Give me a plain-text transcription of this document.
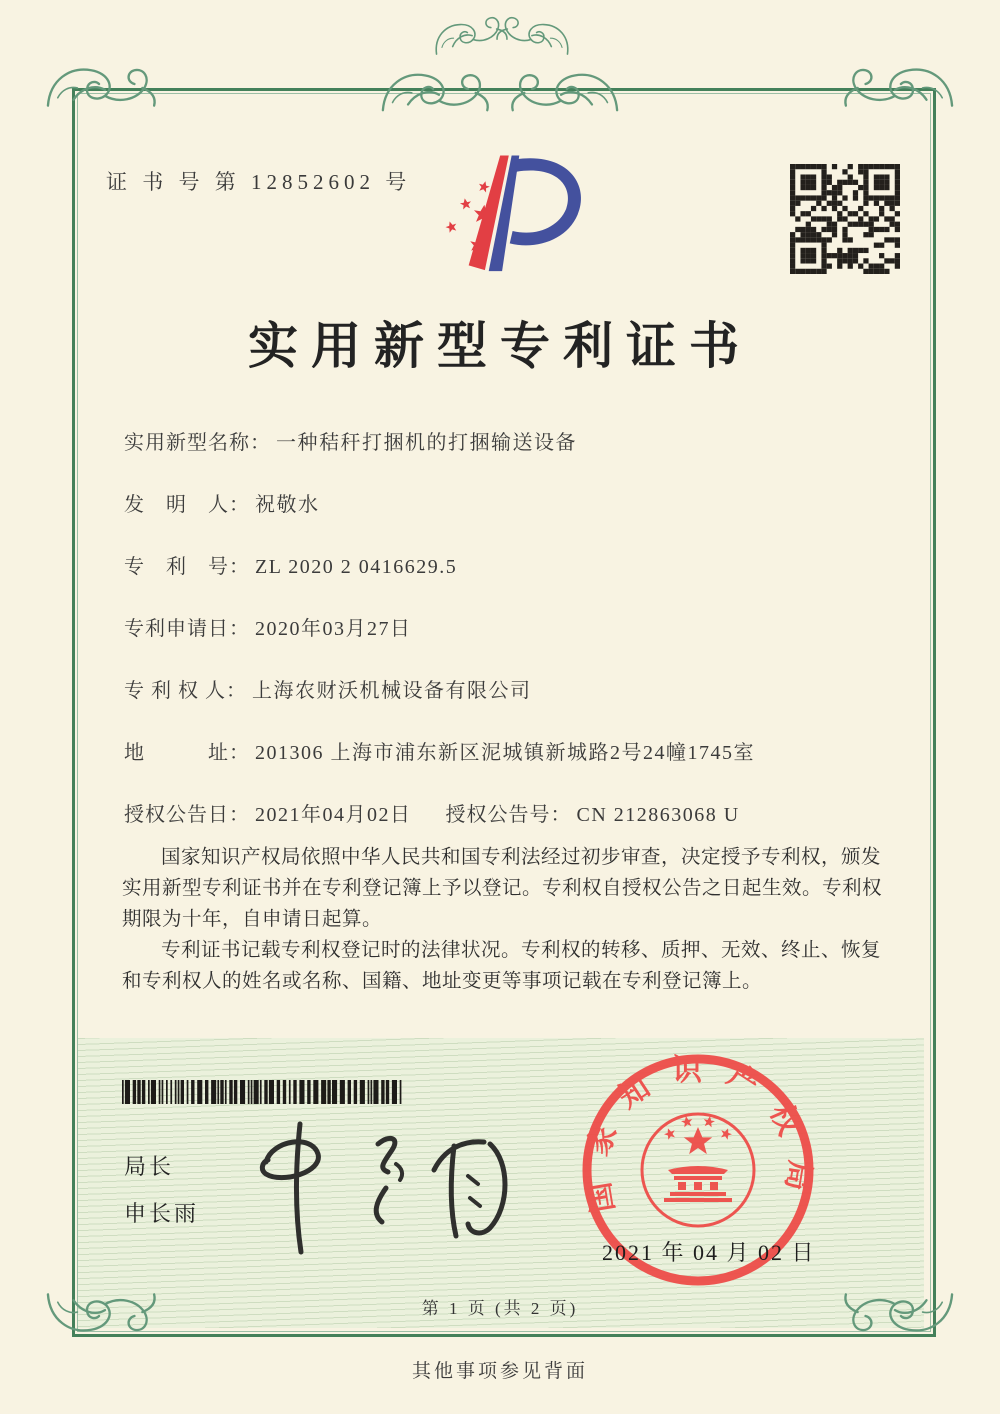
证 书 号 第 12852602 号
实用新型专利证书
实用新型名称： 一种秸秆打捆机的打捆输送设备
发　明　人： 祝敬水
专　利　号： ZL 2020 2 0416629.5
专利申请日： 2020年03月27日
专 利 权 人： 上海农财沃机械设备有限公司
地　　　址： 201306 上海市浦东新区泥城镇新城路2号24幢1745室
授权公告日： 2021年04月02日 授权公告号： CN 212863068 U

国家知识产权局依照中华人民共和国专利法经过初步审查，决定授予专利权，颁发实用新型专利证书并在专利登记簿上予以登记。专利权自授权公告之日起生效。专利权期限为十年，自申请日起算。

专利证书记载专利权登记时的法律状况。专利权的转移、质押、无效、终止、恢复和专利权人的姓名或名称、国籍、地址变更等事项记载在专利登记簿上。

局长
申长雨	国家知识产权局
2021 年 04 月 02 日
第 1 页 (共 2 页)
其他事项参见背面
